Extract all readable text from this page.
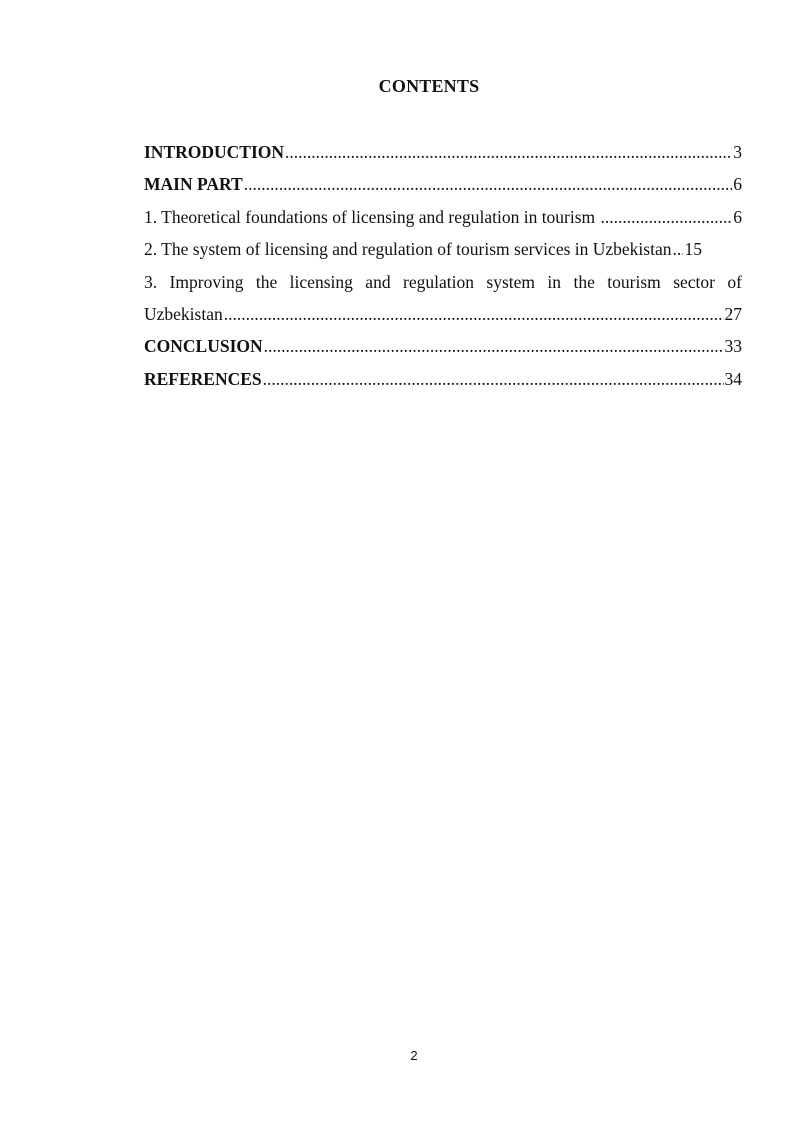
CONTENTS
INTRODUCTION .....	3
MAIN PART .....	6
1. Theoretical foundations of licensing and regulation in tourism .....	6
2. The system of licensing and regulation of tourism services in Uzbekistan ..... 15
3. Improving the licensing and regulation system in the tourism sector of
Uzbekistan .....	27
CONCLUSION .....	33
REFERENCES .....	34
2
